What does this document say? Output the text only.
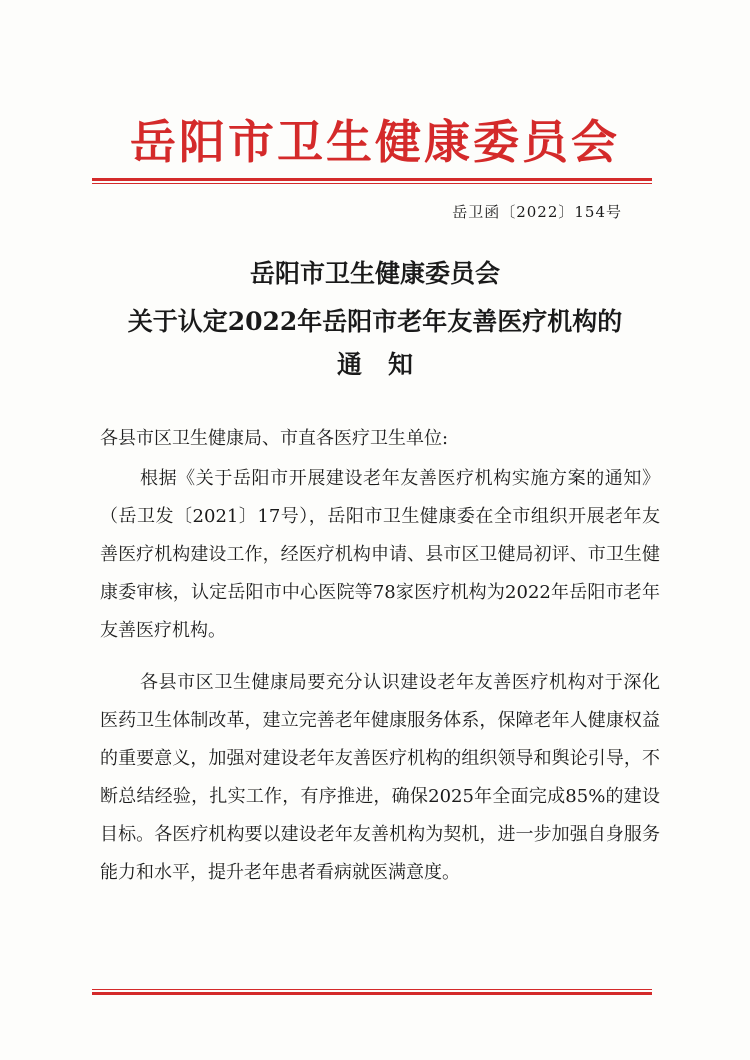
岳阳市卫生健康委员会
岳卫函〔2022〕154号
岳阳市卫生健康委员会
关于认定2022年岳阳市老年友善医疗机构的
通知
各县市区卫生健康局、市直各医疗卫生单位:
根据《关于岳阳市开展建设老年友善医疗机构实施方案的通知》（岳卫发〔2021〕17号），岳阳市卫生健康委在全市组织开展老年友善医疗机构建设工作，经医疗机构申请、县市区卫健局初评、市卫生健康委审核，认定岳阳市中心医院等78家医疗机构为2022年岳阳市老年友善医疗机构。
各县市区卫生健康局要充分认识建设老年友善医疗机构对于深化医药卫生体制改革，建立完善老年健康服务体系，保障老年人健康权益的重要意义，加强对建设老年友善医疗机构的组织领导和舆论引导，不断总结经验，扎实工作，有序推进，确保2025年全面完成85%的建设目标。各医疗机构要以建设老年友善机构为契机，进一步加强自身服务能力和水平，提升老年患者看病就医满意度。
